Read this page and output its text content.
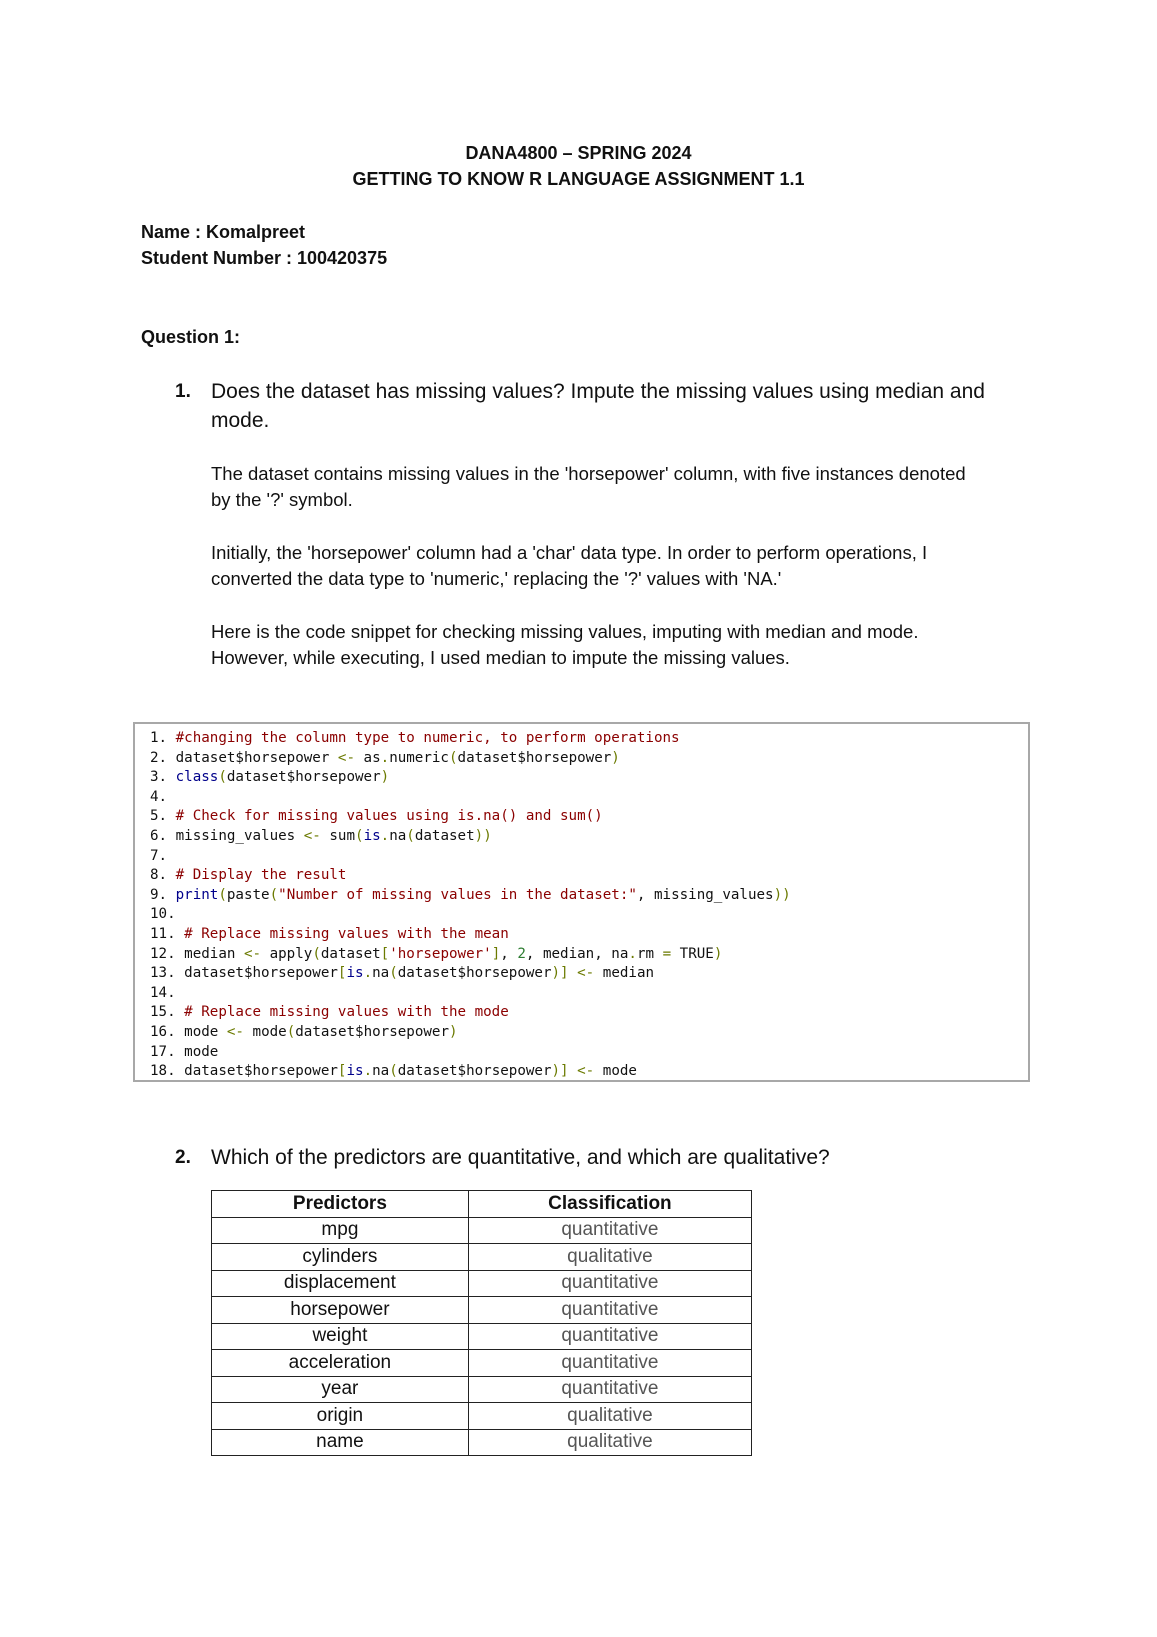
DANA4800 – SPRING 2024
GETTING TO KNOW R LANGUAGE ASSIGNMENT 1.1
Name : Komalpreet
Student Number : 100420375
Question 1:
1. Does the dataset has missing values? Impute the missing values using median and
mode.
The dataset contains missing values in the 'horsepower' column, with five instances denoted
by the '?' symbol.
Initially, the 'horsepower' column had a 'char' data type. In order to perform operations, I
converted the data type to 'numeric,' replacing the '?' values with 'NA.'
Here is the code snippet for checking missing values, imputing with median and mode.
However, while executing, I used median to impute the missing values.
1. #changing the column type to numeric, to perform operations
2. dataset$horsepower <- as.numeric(dataset$horsepower)
3. class(dataset$horsepower)
4.
5. # Check for missing values using is.na() and sum()
6. missing_values <- sum(is.na(dataset))
7.
8. # Display the result
9. print(paste("Number of missing values in the dataset:", missing_values))
10.
11. # Replace missing values with the mean
12. median <- apply(dataset['horsepower'], 2, median, na.rm = TRUE)
13. dataset$horsepower[is.na(dataset$horsepower)] <- median
14.
15. # Replace missing values with the mode
16. mode <- mode(dataset$horsepower)
17. mode
18. dataset$horsepower[is.na(dataset$horsepower)] <- mode
2. Which of the predictors are quantitative, and which are qualitative?
Predictors	Classification
mpg	quantitative
cylinders	qualitative
displacement	quantitative
horsepower	quantitative
weight	quantitative
acceleration	quantitative
year	quantitative
origin	qualitative
name	qualitative
